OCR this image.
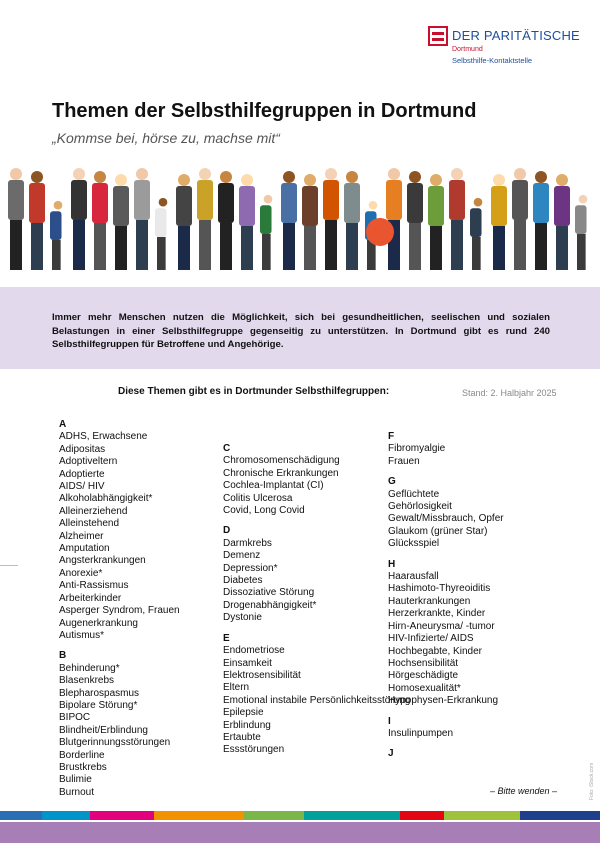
DER PARITÄTISCHE
Dortmund
Selbsthilfe-Kontaktstelle
Themen der Selbsthilfegruppen in Dortmund
„Kommse bei, hörse zu, machse mit“

Immer mehr Menschen nutzen die Möglichkeit, sich bei gesundheitlichen, seelischen und sozialen Belastungen in einer Selbsthilfegruppe gegenseitig zu unterstützen. In Dortmund gibt es rund 240 Selbsthilfegruppen für Betroffene und Angehörige.

Diese Themen gibt es in Dortmunder Selbsthilfegruppen:	Stand: 2. Halbjahr 2025
A
ADHS, Erwachsene
Adipositas
Adoptiveltern
Adoptierte
AIDS/ HIV
Alkoholabhängigkeit*
Alleinerziehend
Alleinstehend
Alzheimer
Amputation
Angsterkrankungen
Anorexie*
Anti-Rassismus
Arbeiterkinder
Asperger Syndrom, Frauen
Augenerkrankung
Autismus*
B
Behinderung*
Blasenkrebs
Blepharospasmus
Bipolare Störung*
BIPOC
Blindheit/Erblindung
Blutgerinnungsstörungen
Borderline
Brustkrebs
Bulimie
Burnout
C
Chromosomenschädigung
Chronische Erkrankungen
Cochlea-Implantat (CI)
Colitis Ulcerosa
Covid, Long Covid
D
Darmkrebs
Demenz
Depression*
Diabetes
Dissoziative Störung
Drogenabhängigkeit*
Dystonie
E
Endometriose
Einsamkeit
Elektrosensibilität
Eltern
Emotional instabile Persönlichkeitsstörung
Epilepsie
Erblindung
Ertaubte
Essstörungen
F
Fibromyalgie
Frauen
G
Geflüchtete
Gehörlosigkeit
Gewalt/Missbrauch, Opfer
Glaukom (grüner Star)
Glücksspiel
H
Haarausfall
Hashimoto-Thyreoiditis
Hauterkrankungen
Herzerkrankte, Kinder
Hirn-Aneurysma/ -tumor
HIV-Infizierte/ AIDS
Hochbegabte, Kinder
Hochsensibilität
Hörgeschädigte
Homosexualität*
Hypophysen-Erkrankung
I
Insulinpumpen
J
– Bitte wenden –	Foto: iStock.com
